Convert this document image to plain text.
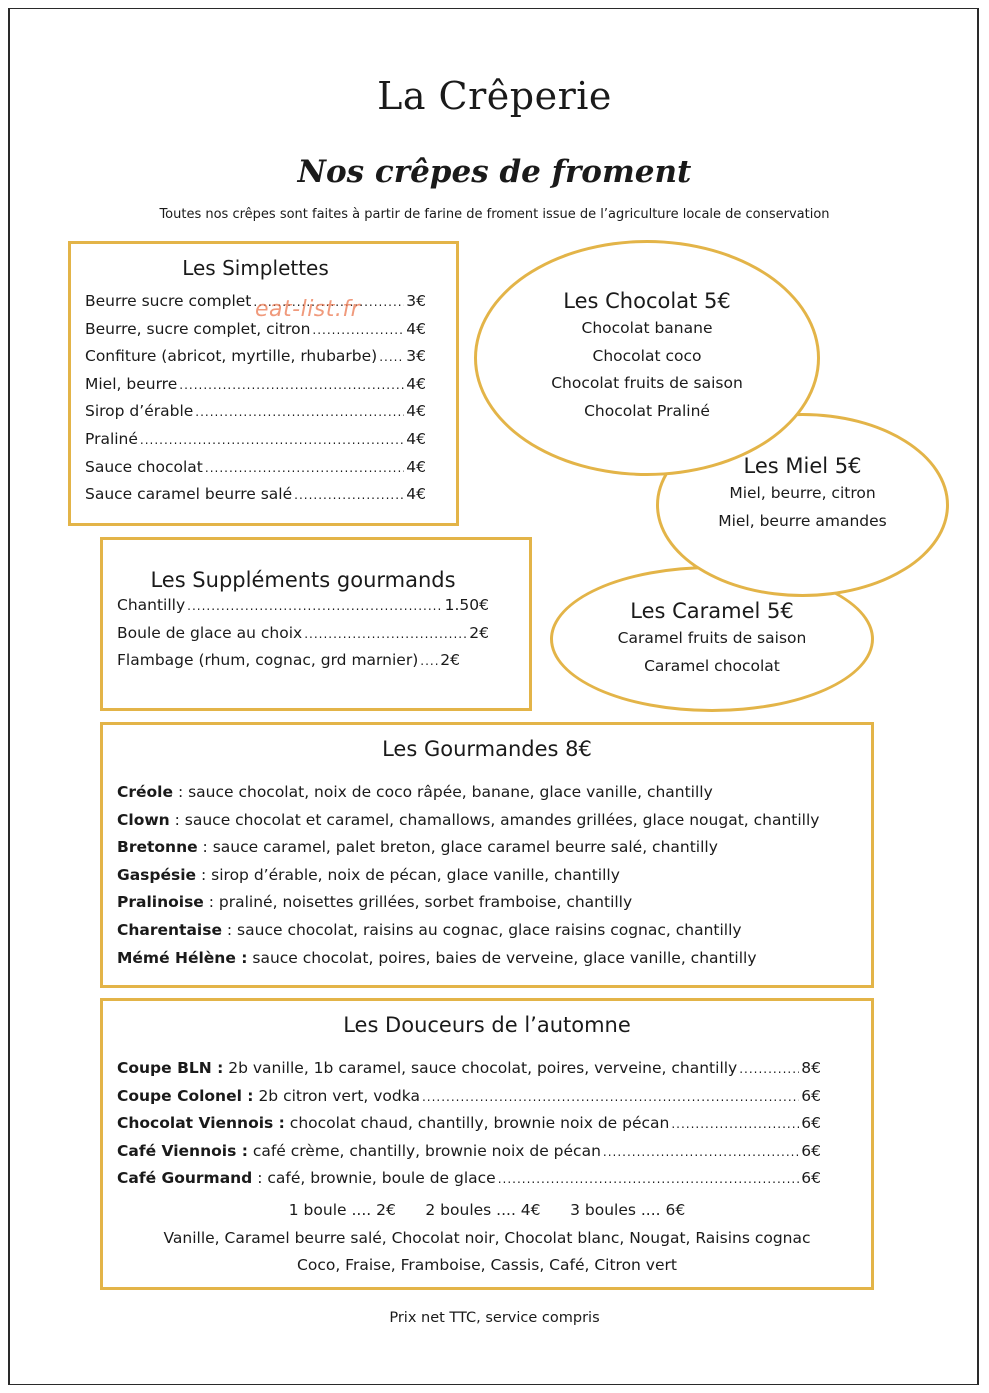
La Crêperie
Nos crêpes de froment
Toutes nos crêpes sont faites à partir de farine de froment issue de l’agriculture locale de conservation
Les Simplettes
Beurre sucre complet .....	3€
Beurre, sucre complet, citron .....	4€
Confiture (abricot, myrtille, rhubarbe) ..... 3€
Miel, beurre .....	4€
Sirop d’érable .....	4€
Praliné .....	4€
Sauce chocolat .....	4€
Sauce caramel beurre salé .....	4€
eat-list.fr
Les Caramel 5€
Caramel fruits de saison
Caramel chocolat
Les Miel 5€
Miel, beurre, citron
Miel, beurre amandes
Les Chocolat 5€
Chocolat banane
Chocolat coco
Chocolat fruits de saison
Chocolat Praliné
Les Suppléments gourmands
Chantilly .....	1.50€
Boule de glace au choix .....	2€
Flambage (rhum, cognac, grd marnier) ..... 2€
Les Gourmandes 8€
Créole : sauce chocolat, noix de coco râpée, banane, glace vanille, chantilly
Clown : sauce chocolat et caramel, chamallows, amandes grillées, glace nougat, chantilly
Bretonne : sauce caramel, palet breton, glace caramel beurre salé, chantilly
Gaspésie : sirop d’érable, noix de pécan, glace vanille, chantilly
Pralinoise : praliné, noisettes grillées, sorbet framboise, chantilly
Charentaise : sauce chocolat, raisins au cognac, glace raisins cognac, chantilly
Mémé Hélène : sauce chocolat, poires, baies de verveine, glace vanille, chantilly
Les Douceurs de l’automne
Coupe BLN : 2b vanille, 1b caramel, sauce chocolat, poires, verveine, chantilly .....	8€
Coupe Colonel : 2b citron vert, vodka .....	6€
Chocolat Viennois : chocolat chaud, chantilly, brownie noix de pécan .....	6€
Café Viennois : café crème, chantilly, brownie noix de pécan .....	6€
Café Gourmand : café, brownie, boule de glace .....	6€
1 boule .... 2€      2 boules .... 4€      3 boules .... 6€
Vanille, Caramel beurre salé, Chocolat noir, Chocolat blanc, Nougat, Raisins cognac
Coco, Fraise, Framboise, Cassis, Café, Citron vert
Prix net TTC, service compris
